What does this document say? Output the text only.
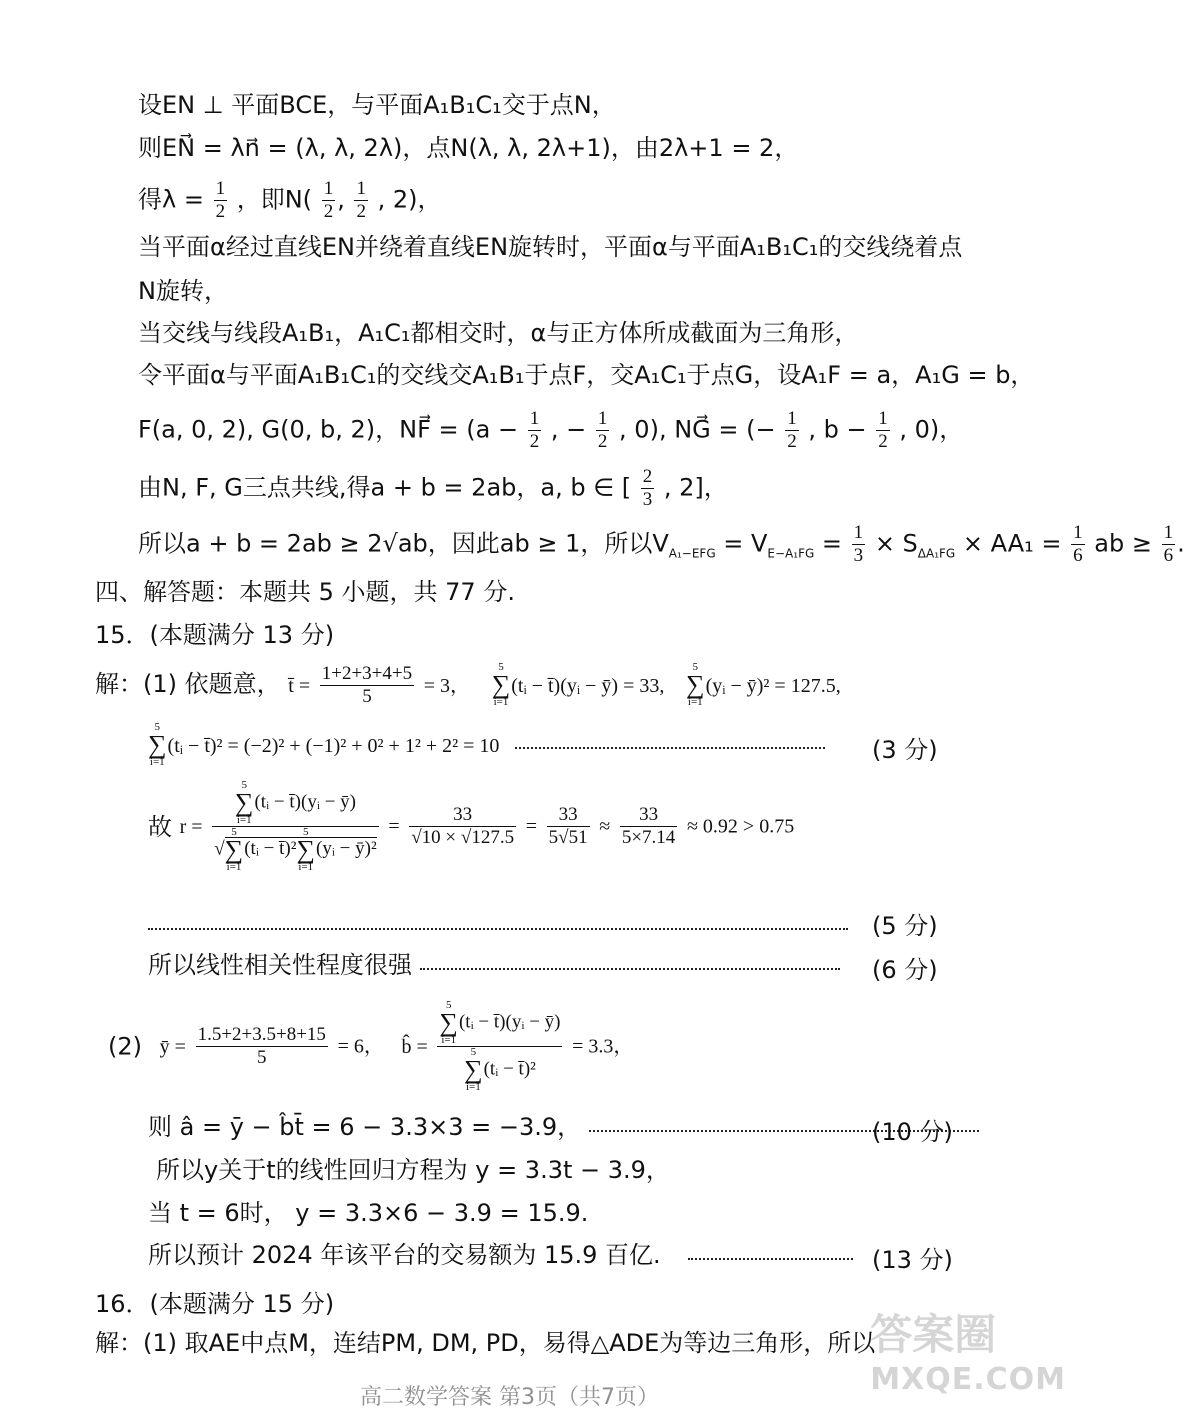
设EN ⊥ 平面BCE，与平面A₁B₁C₁交于点N，
则EN⃗ = λn⃗ = (λ, λ, 2λ)，点N(λ, λ, 2λ+1)，由2λ+1 = 2，
得$\lambda = \frac{1}{2}$ ，即$N( \frac{1}{2}$ , $\frac{1}{2}$ , 2)，
当平面α经过直线EN并绕着直线EN旋转时，平面α与平面A₁B₁C₁的交线绕着点
N旋转，
当交线与线段A₁B₁，A₁C₁都相交时，α与正方体所成截面为三角形，
令平面α与平面A₁B₁C₁的交线交A₁B₁于点F，交A₁C₁于点G，设A₁F = a，A₁G = b，
F(a, 0, 2), G(0, b, 2)，NF⃗ = ($a - \frac{1}{2}$ , − $\frac{1}{2}$ , 0), NG⃗ = (− $\frac{1}{2}$ , $b - \frac{1}{2}$ , 0)，
由N, F, G三点共线,得a + b = 2ab，a, b ∈ [ $\frac{2}{3}$ , 2]，
所以a + b = 2ab ≥ 2√ab，因此ab ≥ 1，所以$V_{A_1-EFG} = V_{E-A_1FG} = \frac{1}{3} \times S_{\Delta A_1FG} \times AA_1 = \frac{1}{6}$ ab ≥ $\frac{1}{6}$ .
四、解答题：本题共 5 小题，共 77 分.
15．(本题满分 13 分)
解：(1) 依题意， t̄ = $\frac{1+2+3+4+5}{5} = 3$，
5
∑
i=1
(tᵢ − t̄)(yᵢ − ȳ) = 33,
5
∑
i=1
(yᵢ − ȳ)² = 127.5,
5
∑
i=1
(tᵢ − t̄)² = (−2)² + (−1)² + 0² + 1² + 2² = 10	(3 分)
故 r = 5
∑
i=1
(tᵢ − t̄)(yᵢ − ȳ)
√
5
∑
i=1
(tᵢ − t̄)²
5
∑
i=1
(yᵢ − ȳ)² = $\frac{33}{√10 \times √127.5} = \frac{33}{5√51} \approx \frac{33}{5\times 7.14} \approx 0.92 > 0.75$
(5 分)
所以线性相关性程度很强	(6 分)
(2) ȳ = $\frac{1.5+2+3.5+8+15}{5} = 6$， b̂ = 5
∑
i=1
(tᵢ − t̄)(yᵢ − ȳ)
5
∑
i=1
(tᵢ − t̄)² = 3.3，
则 â = ȳ − b̂t̄ = 6 − 3.3×3 = −3.9，	(10 分)
所以y关于t的线性回归方程为 y = 3.3t − 3.9，
当 t = 6时， y = 3.3×6 − 3.9 = 15.9.
所以预计 2024 年该平台的交易额为 15.9 百亿.	(13 分)
16．(本题满分 15 分)
解：(1) 取AE中点M，连结PM, DM, PD，易得△ADE为等边三角形，所以
高二数学答案 第3页（共7页）
答案圈
MXQE.COM
